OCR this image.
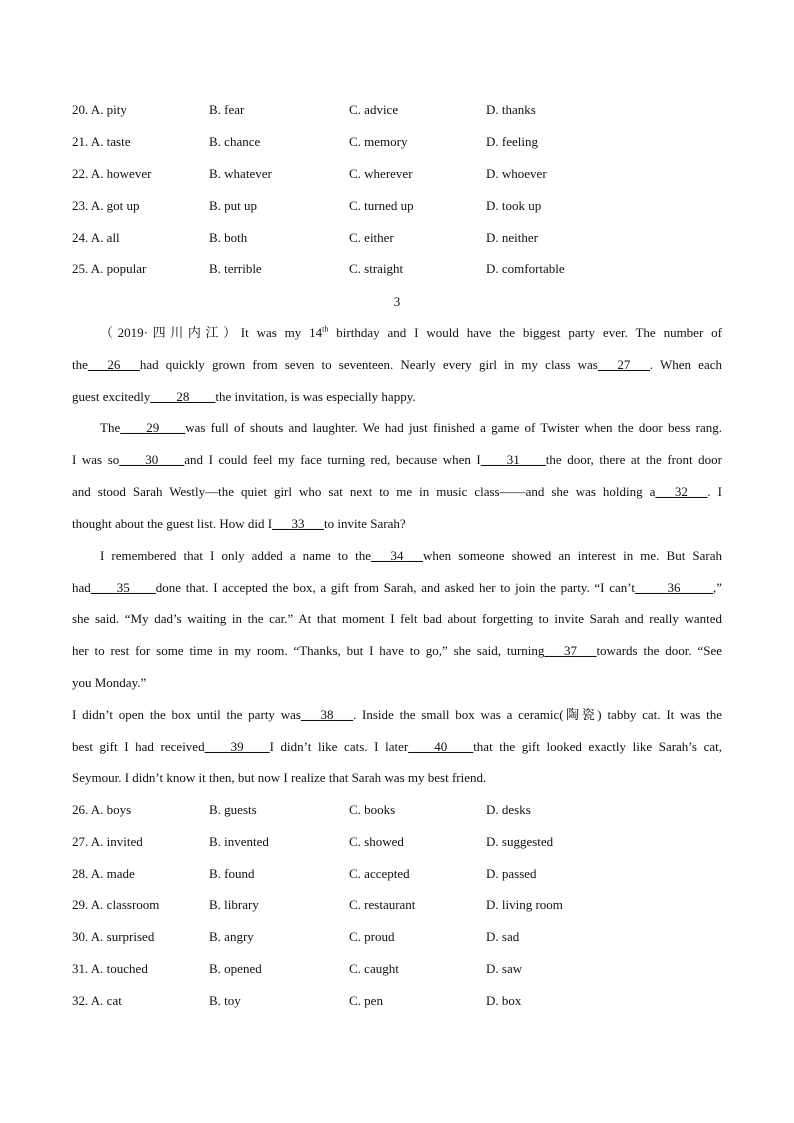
20. A. pity	B. fear	C. advice	D. thanks
21. A. taste	B. chance	C. memory	D. feeling
22. A. however	B. whatever	C. wherever	D. whoever
23. A. got up	B. put up	C. turned up	D. took up
24. A. all	B. both	C. either	D. neither
25. A. popular	B. terrible	C. straight	D. comfortable
3
（2019·四川内江）It was my 14th birthday and I would have the biggest party ever. The number of
the___26___had quickly grown from seven to seventeen. Nearly every girl in my class was___27___. When each
guest excitedly____28____the invitation, is was especially happy.
The____29____was full of shouts and laughter. We had just finished a game of Twister when the door bess rang.
I was so____30____and I could feel my face turning red, because when I____31____the door, there at the front door
and stood Sarah Westly—the quiet girl who sat next to me in music class——and she was holding a___32___. I
thought about the guest list. How did I___33___to invite Sarah?
I remembered that I only added a name to the___34___when someone showed an interest in me. But Sarah
had____35____done that. I accepted the box, a gift from Sarah, and asked her to join the party. “I can’t_____36_____,”
she said. “My dad’s waiting in the car.” At that moment I felt bad about forgetting to invite Sarah and really wanted
her to rest for some time in my room. “Thanks, but I have to go,” she said, turning___37___towards the door. “See
you Monday.”
I didn’t open the box until the party was___38___. Inside the small box was a ceramic(陶瓷) tabby cat. It was the
best gift I had received____39____I didn’t like cats. I later____40____that the gift looked exactly like Sarah’s cat,
Seymour. I didn’t know it then, but now I realize that Sarah was my best friend.
26. A. boys	B. guests	C. books	D. desks
27. A. invited	B. invented	C. showed	D. suggested
28. A. made	B. found	C. accepted	D. passed
29. A. classroom	B. library	C. restaurant	D. living room
30. A. surprised	B. angry	C. proud	D. sad
31. A. touched	B. opened	C. caught	D. saw
32. A. cat	B. toy	C. pen	D. box
